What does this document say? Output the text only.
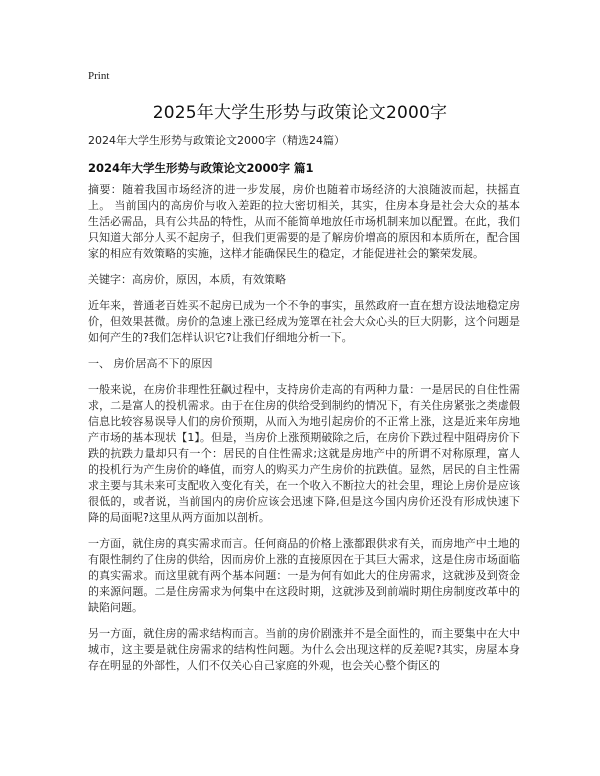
Print
2025年大学生形势与政策论文2000字
2024年大学生形势与政策论文2000字（精选24篇）
2024年大学生形势与政策论文2000字 篇1

摘要：随着我国市场经济的进一步发展，房价也随着市场经济的大浪随波而起，扶摇直上。 当前国内的高房价与收入差距的拉大密切相关，其实，住房本身是社会大众的基本生活必需品，具有公共品的特性，从而不能简单地放任市场机制来加以配置。在此，我们只知道大部分人买不起房子，但我们更需要的是了解房价增高的原因和本质所在，配合国家的相应有效策略的实施，这样才能确保民生的稳定，才能促进社会的繁荣发展。

关键字：高房价，原因，本质，有效策略

近年来，普通老百姓买不起房已成为一个不争的事实，虽然政府一直在想方设法地稳定房价，但效果甚微。房价的急速上涨已经成为笼罩在社会大众心头的巨大阴影，这个问题是如何产生的?我们怎样认识它?让我们仔细地分析一下。

一、 房价居高不下的原因

一般来说，在房价非理性狂飙过程中，支持房价走高的有两种力量：一是居民的自住性需求，二是富人的投机需求。由于在住房的供给受到制约的情况下，有关住房紧张之类虚假信息比较容易误导人们的房价预期，从而入为地引起房价的不正常上涨，这是近来年房地产市场的基本现状【1】。但是，当房价上涨预期破除之后，在房价下跌过程中阻碍房价下跌的抗跌力量却只有一个：居民的自住性需求;这就是房地产中的所谓不对称原理，富人的投机行为产生房价的峰值，而穷人的购买力产生房价的抗跌值。显然，居民的自主性需求主要与其未来可支配收入变化有关，在一个收入不断拉大的社会里，理论上房价是应该很低的，或者说，当前国内的房价应该会迅速下降,但是这今国内房价还没有形成快速下降的局面呢?这里从两方面加以剖析。

一方面，就住房的真实需求而言。任何商品的价格上涨都跟供求有关，而房地产中土地的有限性制约了住房的供给，因而房价上涨的直接原因在于其巨大需求，这是住房市场面临的真实需求。而这里就有两个基本问题：一是为何有如此大的住房需求，这就涉及到资金的来源问题。二是住房需求为何集中在这段时期，这就涉及到前端时期住房制度改革中的缺陷问题。

另一方面，就住房的需求结构而言。当前的房价剧涨并不是全面性的，而主要集中在大中城市，这主要是就住房需求的结构性问题。为什么会出现这样的反差呢?其实，房屋本身存在明显的外部性，人们不仅关心自己家庭的外观，也会关心整个街区的
